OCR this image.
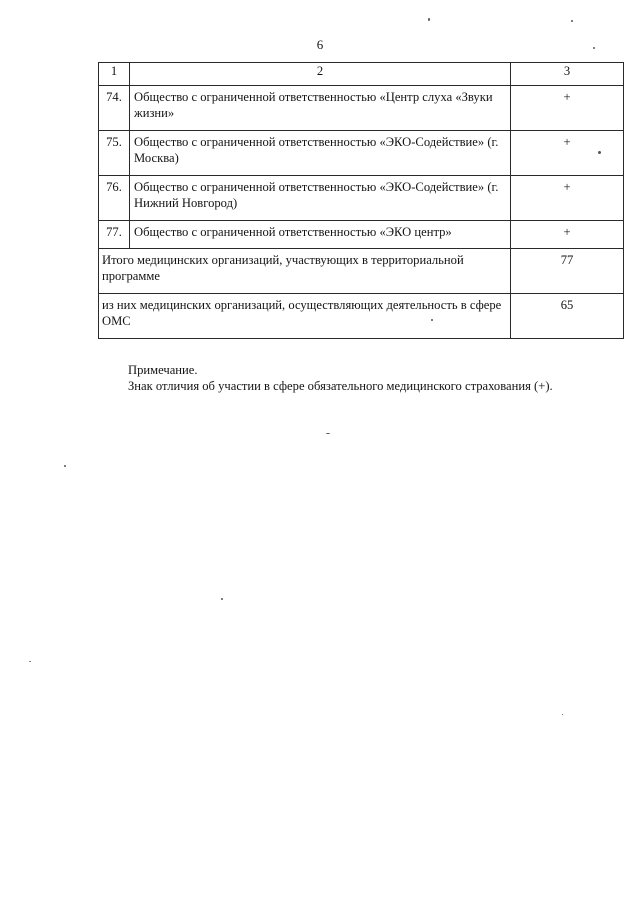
6
1	2	3
74.	Общество с ограниченной ответственностью «Центр слуха «Звуки жизни»	+
75.	Общество с ограниченной ответственностью «ЭКО-Содействие» (г. Москва)	+
76.	Общество с ограниченной ответственностью «ЭКО-Содействие» (г. Нижний Новгород)	+
77.	Общество с ограниченной ответственностью «ЭКО центр»	+
Итого медицинских организаций, участвующих в территориальной программе		77
из них медицинских организаций, осуществляющих деятельность в сфере ОМС		65
Примечание.
Знак отличия об участии в сфере обязательного медицинского страхования (+).
